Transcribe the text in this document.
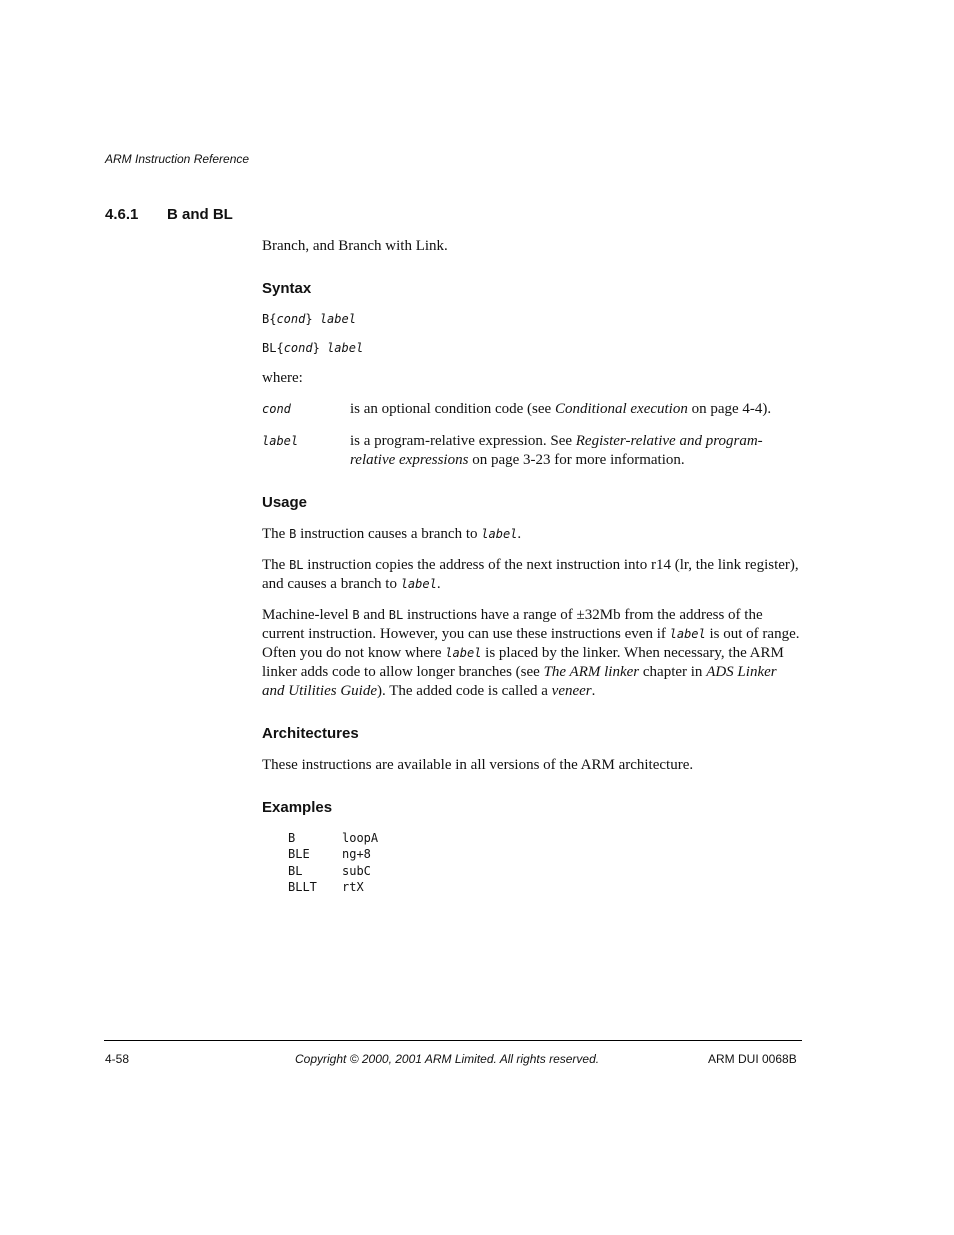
ARM Instruction Reference
4.6.1 B and BL
Branch, and Branch with Link.
Syntax
B{cond} label
BL{cond} label
where:
cond	is an optional condition code (see Conditional execution on page 4-4).
label	is a program-relative expression. See Register-relative and program-relative expressions on page 3-23 for more information.
Usage
The B instruction causes a branch to label.
The BL instruction copies the address of the next instruction into r14 (lr, the link register), and causes a branch to label.
Machine-level B and BL instructions have a range of ±32Mb from the address of the current instruction. However, you can use these instructions even if label is out of range. Often you do not know where label is placed by the linker. When necessary, the ARM linker adds code to allow longer branches (see The ARM linker chapter in ADS Linker and Utilities Guide). The added code is called a veneer.
Architectures
These instructions are available in all versions of the ARM architecture.
Examples
B	loopA
BLE	ng+8
BL	subC
BLLT rtX
4-58	Copyright © 2000, 2001 ARM Limited. All rights reserved.	ARM DUI 0068B
